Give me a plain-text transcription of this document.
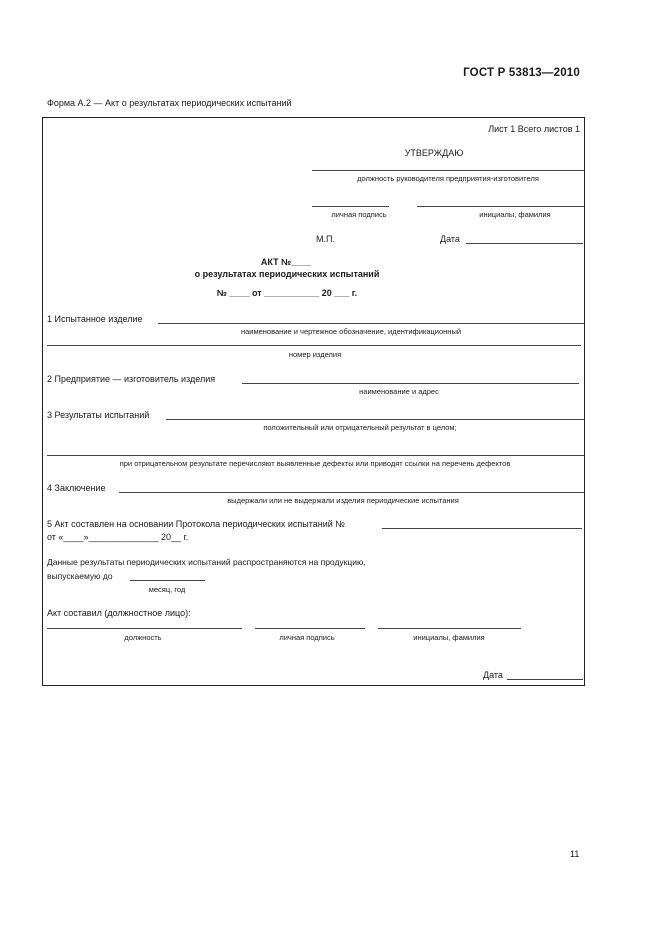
ГОСТ Р 53813—2010
Форма А.2 — Акт о результатах периодических испытаний
Лист 1 Всего листов 1
УТВЕРЖДАЮ
должность руководителя предприятия-изготовителя
личная подпись	инициалы, фамилия
М.П.	Дата
АКТ №____
о результатах периодических испытаний
№ ____ от ___________ 20 ___ г.
1 Испытанное изделие
наименование и чертежное обозначение, идентификационный
номер изделия
2 Предприятие — изготовитель изделия
наименование и адрес
3 Результаты испытаний
положительный или отрицательный результат в целом;
при отрицательном результате перечисляют выявленные дефекты или приводят ссылки на перечень дефектов
4 Заключение
выдержали или не выдержали изделия периодические испытания
5 Акт составлен на основании Протокола периодических испытаний №
от «____»______________ 20__ г.
Данные результаты периодических испытаний распространяются на продукцию,
выпускаемую до
месяц, год
Акт составил (должностное лицо):
должность	личная подпись	инициалы, фамилия
Дата
11
